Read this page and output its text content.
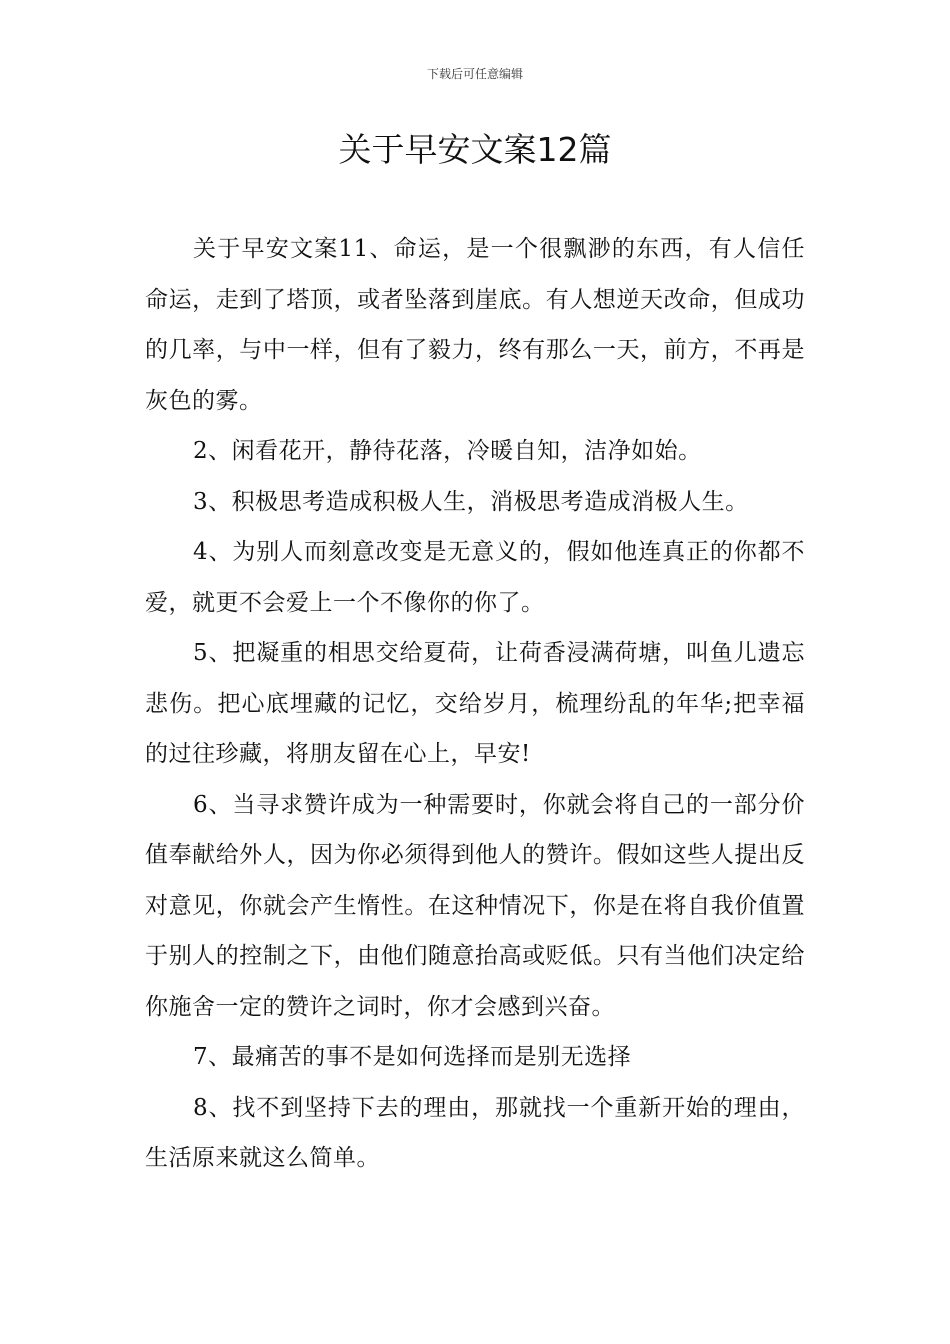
下载后可任意编辑
关于早安文案12篇

关于早安文案11、命运，是一个很飘渺的东西，有人信任命运，走到了塔顶，或者坠落到崖底。有人想逆天改命，但成功的几率，与中一样，但有了毅力，终有那么一天，前方，不再是灰色的雾。

2、闲看花开，静待花落，冷暖自知，洁净如始。

3、积极思考造成积极人生，消极思考造成消极人生。

4、为别人而刻意改变是无意义的，假如他连真正的你都不爱，就更不会爱上一个不像你的你了。

5、把凝重的相思交给夏荷，让荷香浸满荷塘，叫鱼儿遗忘悲伤。把心底埋藏的记忆，交给岁月，梳理纷乱的年华;把幸福的过往珍藏，将朋友留在心上，早安!

6、当寻求赞许成为一种需要时，你就会将自己的一部分价值奉献给外人，因为你必须得到他人的赞许。假如这些人提出反对意见，你就会产生惰性。在这种情况下，你是在将自我价值置于别人的控制之下，由他们随意抬高或贬低。只有当他们决定给你施舍一定的赞许之词时，你才会感到兴奋。

7、最痛苦的事不是如何选择而是别无选择

8、找不到坚持下去的理由，那就找一个重新开始的理由，生活原来就这么简单。
